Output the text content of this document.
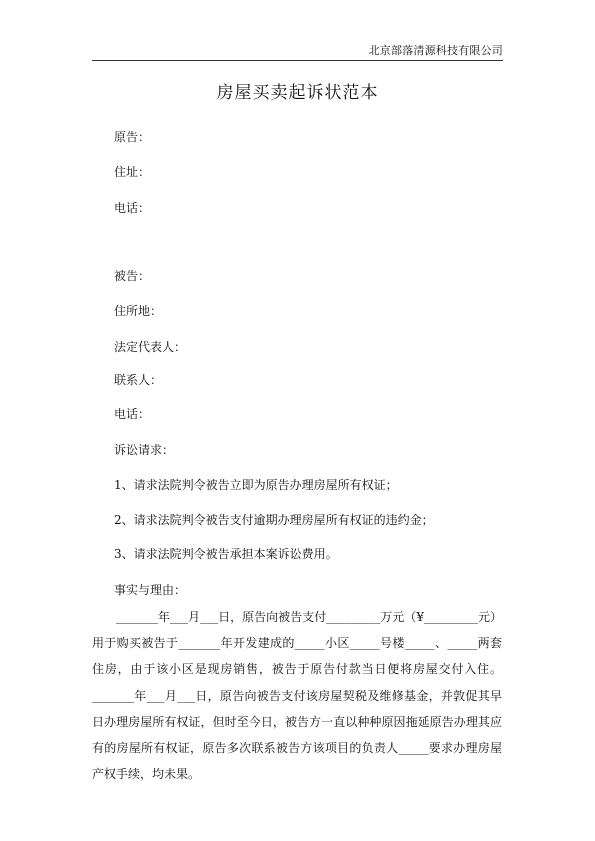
北京部落清源科技有限公司
房屋买卖起诉状范本
原告：
住址：
电话：
被告：
住所地：
法定代表人：
联系人：
电话：
诉讼请求：
1、请求法院判令被告立即为原告办理房屋所有权证；
2、请求法院判令被告支付逾期办理房屋所有权证的违约金；
3、请求法院判令被告承担本案诉讼费用。
事实与理由：
_______年___月___日，原告向被告支付_________万元（¥_________元）用于购买被告于_______年开发建成的_____小区_____号楼_____、_____两套住房，由于该小区是现房销售，被告于原告付款当日便将房屋交付入住。_______年___月___日，原告向被告支付该房屋契税及维修基金，并敦促其早日办理房屋所有权证，但时至今日，被告方一直以种种原因拖延原告办理其应有的房屋所有权证，原告多次联系被告方该项目的负责人_____要求办理房屋产权手续，均未果。
